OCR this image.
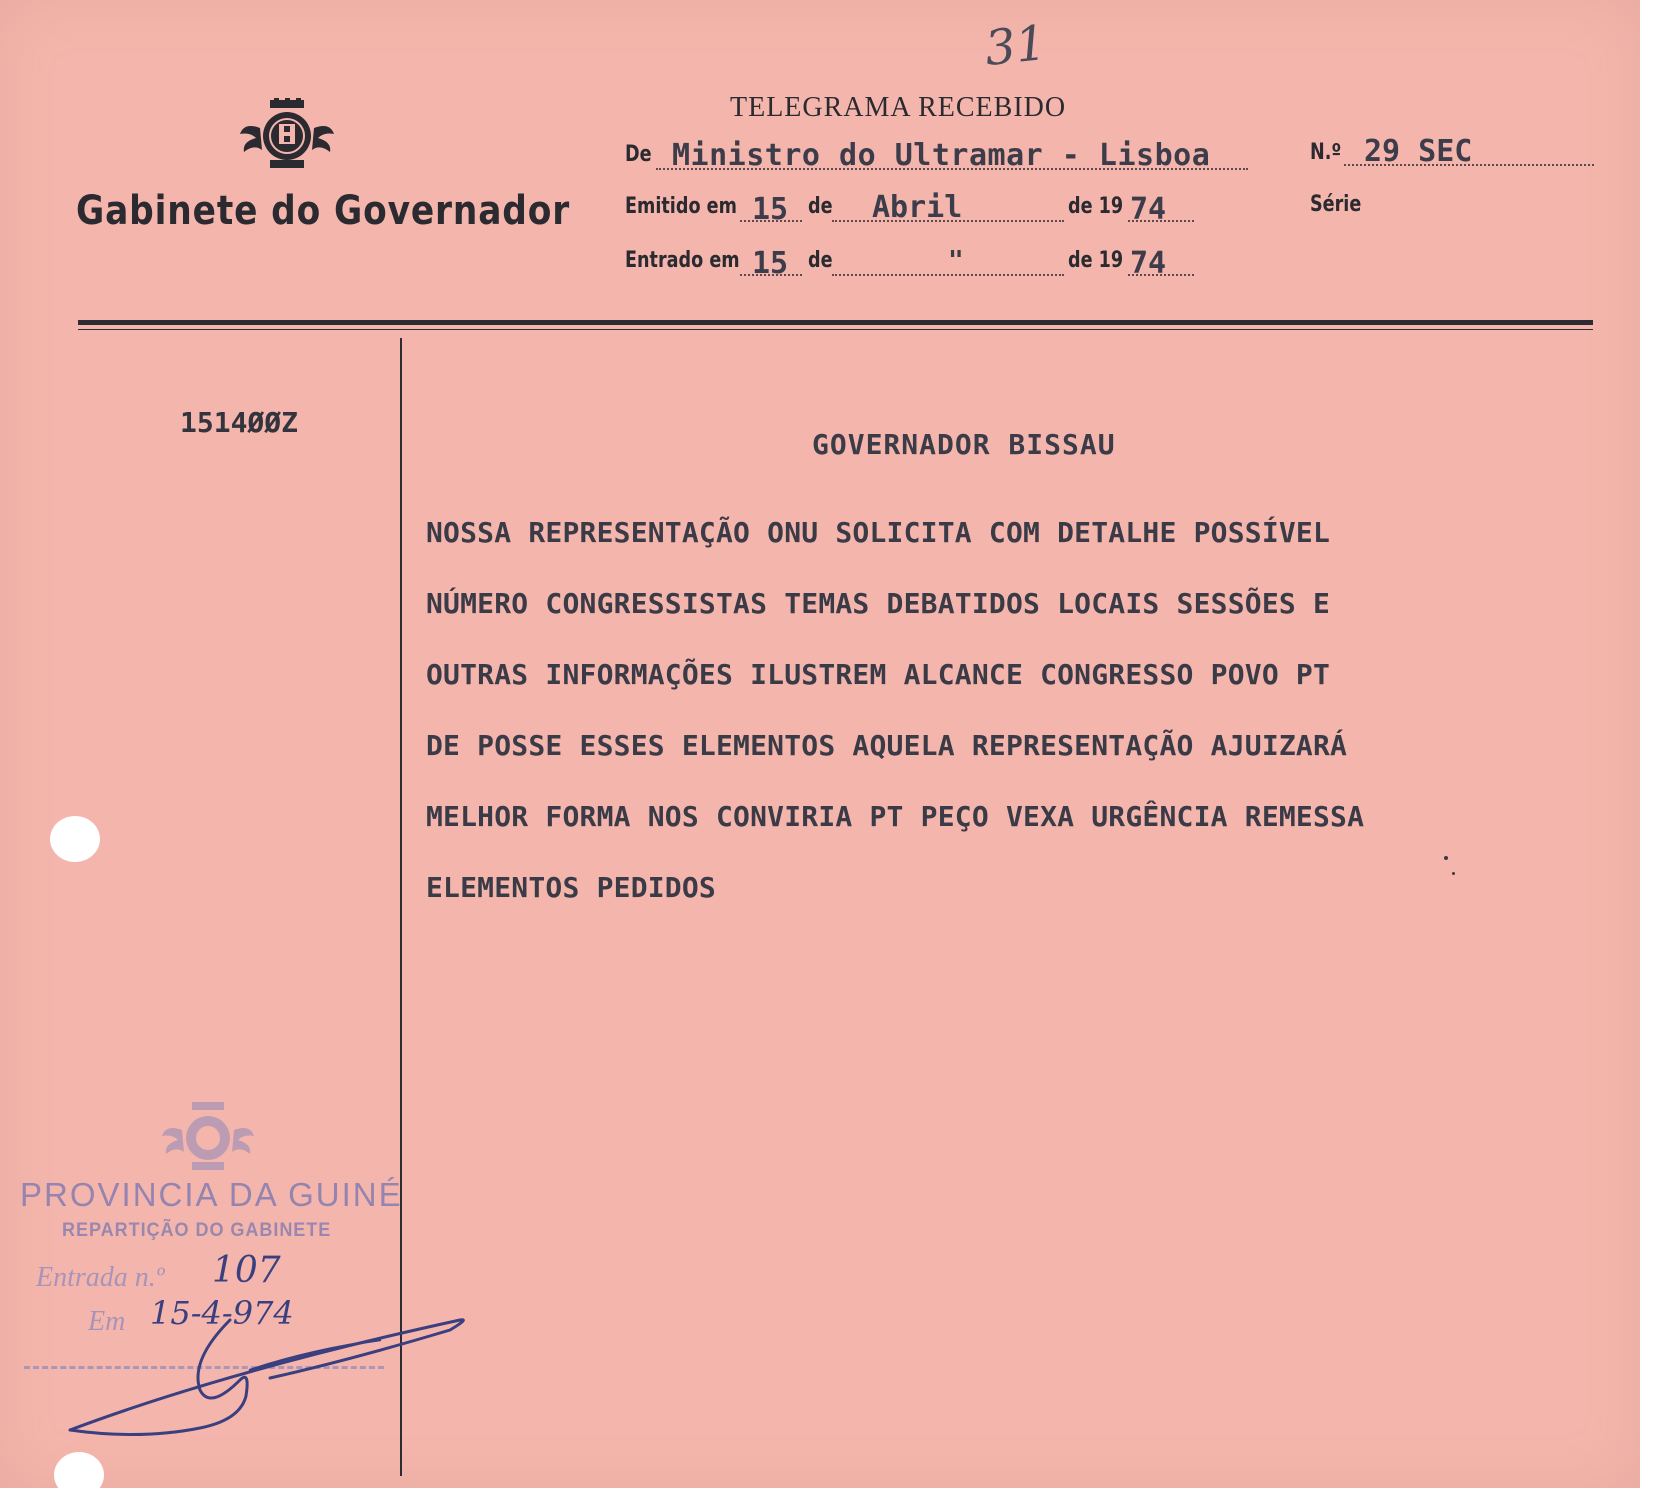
31
Gabinete do Governador
TELEGRAMA RECEBIDO
De Ministro do Ultramar - Lisboa	N.º 29 SEC
Emitido em 15 de Abril	de 19 74	Série
Entrado em 15 de	"	de 19 74
1514ØØZ
GOVERNADOR BISSAU
NOSSA REPRESENTAÇÃO ONU SOLICITA COM DETALHE POSSÍVEL
NÚMERO CONGRESSISTAS TEMAS DEBATIDOS LOCAIS SESSÕES E
OUTRAS INFORMAÇÕES ILUSTREM ALCANCE CONGRESSO POVO PT
DE POSSE ESSES ELEMENTOS AQUELA REPRESENTAÇÃO AJUIZARÁ
MELHOR FORMA NOS CONVIRIA PT PEÇO VEXA URGÊNCIA REMESSA
ELEMENTOS PEDIDOS
PROVINCIA DA GUINÉ
REPARTIÇÃO DO GABINETE
Entrada n.º 107
Em 15-4-974
